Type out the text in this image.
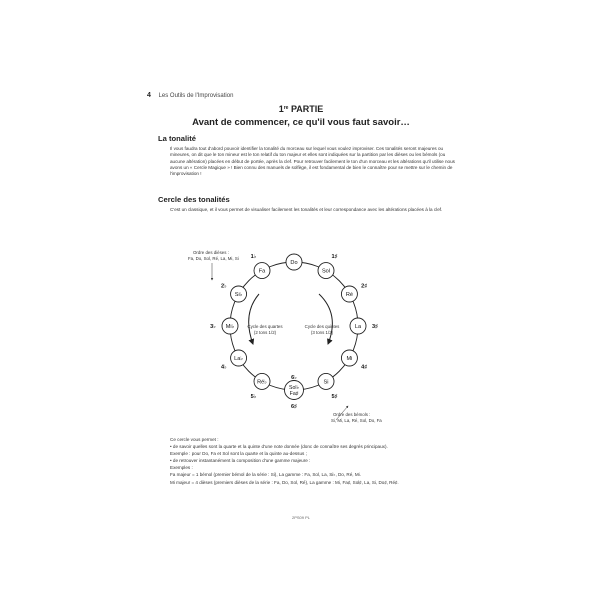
4 Les Outils de l'Improvisation
1re PARTIE
Avant de commencer, ce qu'il vous faut savoir…
La tonalité

Il vous faudra tout d'abord pouvoir identifier la tonalité du morceau sur lequel vous voulez improviser. Ces tonalités seront majeures ou mineures, on dit que le ton mineur est le ton relatif du ton majeur et elles sont indiquées sur la partition par les dièses ou les bémols (ou aucune altération) placées en début de portée, après la clef. Pour retrouver facilement le ton d'un morceau et les altérations qu'il utilise nous avons un « Cercle Magique » ! Bien connu des manuels de solfège, il est fondamental de bien le connaître pour se mettre sur le chemin de l'improvisation !

Cercle des tonalités

C'est un classique, et il vous permet de visualiser facilement les tonalités et leur correspondance avec les altérations placées à la clef.

Ordre des dièses :
Fa, Do, Sol, Ré, La, Mi, Si
Cycle des quartes
(2 tons 1/2)
Cycle des quintes
(3 tons 1/2)
Ordre des bémols :
Si, Mi, La, Ré, Sol, Do, Fa
Do
Sol
1♯
Ré
2♯
La 3♯
Mi
4♯
Si
5♯
Sol♭
Fa♯
6♭
6♯
Ré♭
5♭
La♭
4♭
Mi♭
3♭
Si♭
2♭
Fa
1♭
Ce cercle vous permet :
• de savoir quelles sont la quarte et la quinte d'une note donnée (donc de connaître ses degrés principaux).
Exemple : pour Do, Fa et Sol sont la quarte et la quinte au-dessus ;
• de retrouver instantanément la composition d'une gamme majeure :
Exemples :
Fa majeur = 1 bémol (premier bémol de la série : Si), La gamme : Fa, Sol, La, Si♭, Do, Ré, Mi.
Mi majeur = 4 dièses (premiers dièses de la série : Fa, Do, Sol, Ré), La gamme : Mi, Fa♯, Sol♯, La, Si, Do♯, Ré♯.
2PS09 PL
